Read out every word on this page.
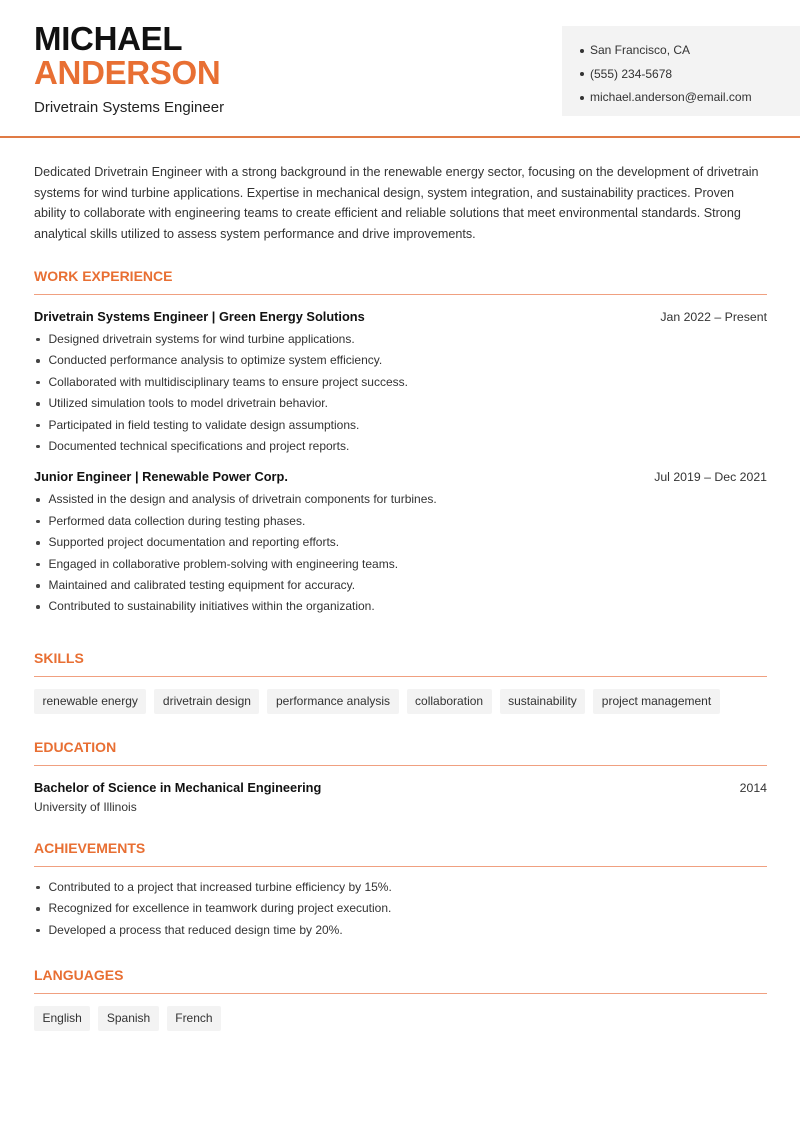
MICHAEL
ANDERSON
Drivetrain Systems Engineer
San Francisco, CA
(555) 234-5678
michael.anderson@email.com

Dedicated Drivetrain Engineer with a strong background in the renewable energy sector, focusing on the development of drivetrain systems for wind turbine applications. Expertise in mechanical design, system integration, and sustainability practices. Proven ability to collaborate with engineering teams to create efficient and reliable solutions that meet environmental standards. Strong analytical skills utilized to assess system performance and drive improvements.

WORK EXPERIENCE
Drivetrain Systems Engineer | Green Energy Solutions	Jan 2022 – Present
Designed drivetrain systems for wind turbine applications.
Conducted performance analysis to optimize system efficiency.
Collaborated with multidisciplinary teams to ensure project success.
Utilized simulation tools to model drivetrain behavior.
Participated in field testing to validate design assumptions.
Documented technical specifications and project reports.
Junior Engineer | Renewable Power Corp.	Jul 2019 – Dec 2021
Assisted in the design and analysis of drivetrain components for turbines.
Performed data collection during testing phases.
Supported project documentation and reporting efforts.
Engaged in collaborative problem-solving with engineering teams.
Maintained and calibrated testing equipment for accuracy.
Contributed to sustainability initiatives within the organization.
SKILLS
renewable energy	drivetrain design	performance analysis	collaboration	sustainability	project management
EDUCATION
Bachelor of Science in Mechanical Engineering	2014
University of Illinois
ACHIEVEMENTS
Contributed to a project that increased turbine efficiency by 15%.
Recognized for excellence in teamwork during project execution.
Developed a process that reduced design time by 20%.
LANGUAGES
English	Spanish	French
